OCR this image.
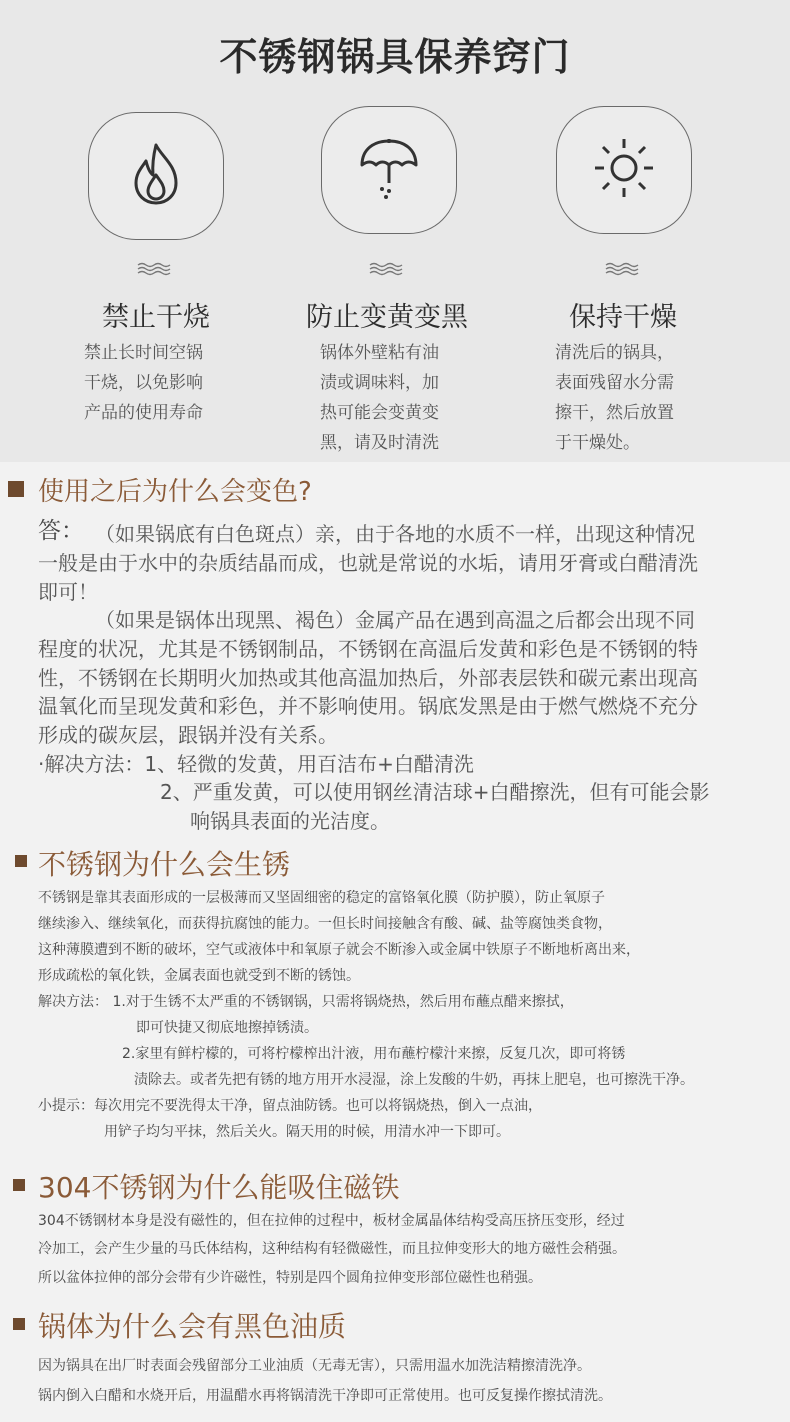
不锈钢锅具保养窍门
禁止干烧
禁止长时间空锅
干烧，以免影响
产品的使用寿命
防止变黄变黑
锅体外壁粘有油
渍或调味料，加
热可能会变黄变
黑，请及时清洗
保持干燥
清洗后的锅具，
表面残留水分需
擦干，然后放置
于干燥处。
使用之后为什么会变色?
答： （如果锅底有白色斑点）亲，由于各地的水质不一样，出现这种情况
一般是由于水中的杂质结晶而成，也就是常说的水垢，请用牙膏或白醋清洗
即可！
（如果是锅体出现黑、褐色）金属产品在遇到高温之后都会出现不同
程度的状况，尤其是不锈钢制品，不锈钢在高温后发黄和彩色是不锈钢的特
性，不锈钢在长期明火加热或其他高温加热后，外部表层铁和碳元素出现高
温氧化而呈现发黄和彩色，并不影响使用。锅底发黑是由于燃气燃烧不充分
形成的碳灰层，跟锅并没有关系。
·解决方法：1、轻微的发黄，用百洁布+白醋清洗
2、严重发黄，可以使用钢丝清洁球+白醋擦洗，但有可能会影
响锅具表面的光洁度。
不锈钢为什么会生锈
不锈钢是靠其表面形成的一层极薄而又坚固细密的稳定的富铬氧化膜（防护膜），防止氧原子
继续渗入、继续氧化，而获得抗腐蚀的能力。一但长时间接触含有酸、碱、盐等腐蚀类食物，
这种薄膜遭到不断的破坏，空气或液体中和氧原子就会不断渗入或金属中铁原子不断地析离出来，
形成疏松的氧化铁，金属表面也就受到不断的锈蚀。
解决方法： 1.对于生锈不太严重的不锈钢锅，只需将锅烧热，然后用布蘸点醋来擦拭，
即可快捷又彻底地擦掉锈渍。
2.家里有鲜柠檬的，可将柠檬榨出汁液，用布蘸柠檬汁来擦，反复几次，即可将锈
渍除去。或者先把有锈的地方用开水浸湿，涂上发酸的牛奶，再抹上肥皂，也可擦洗干净。
小提示：每次用完不要洗得太干净，留点油防锈。也可以将锅烧热，倒入一点油，
用铲子均匀平抹，然后关火。隔天用的时候，用清水冲一下即可。
304不锈钢为什么能吸住磁铁
304不锈钢材本身是没有磁性的，但在拉伸的过程中，板材金属晶体结构受高压挤压变形，经过
冷加工，会产生少量的马氏体结构，这种结构有轻微磁性，而且拉伸变形大的地方磁性会稍强。
所以盆体拉伸的部分会带有少许磁性，特别是四个圆角拉伸变形部位磁性也稍强。
锅体为什么会有黑色油质
因为锅具在出厂时表面会残留部分工业油质（无毒无害），只需用温水加洗洁精擦清洗净。
锅内倒入白醋和水烧开后，用温醋水再将锅清洗干净即可正常使用。也可反复操作擦拭清洗。
